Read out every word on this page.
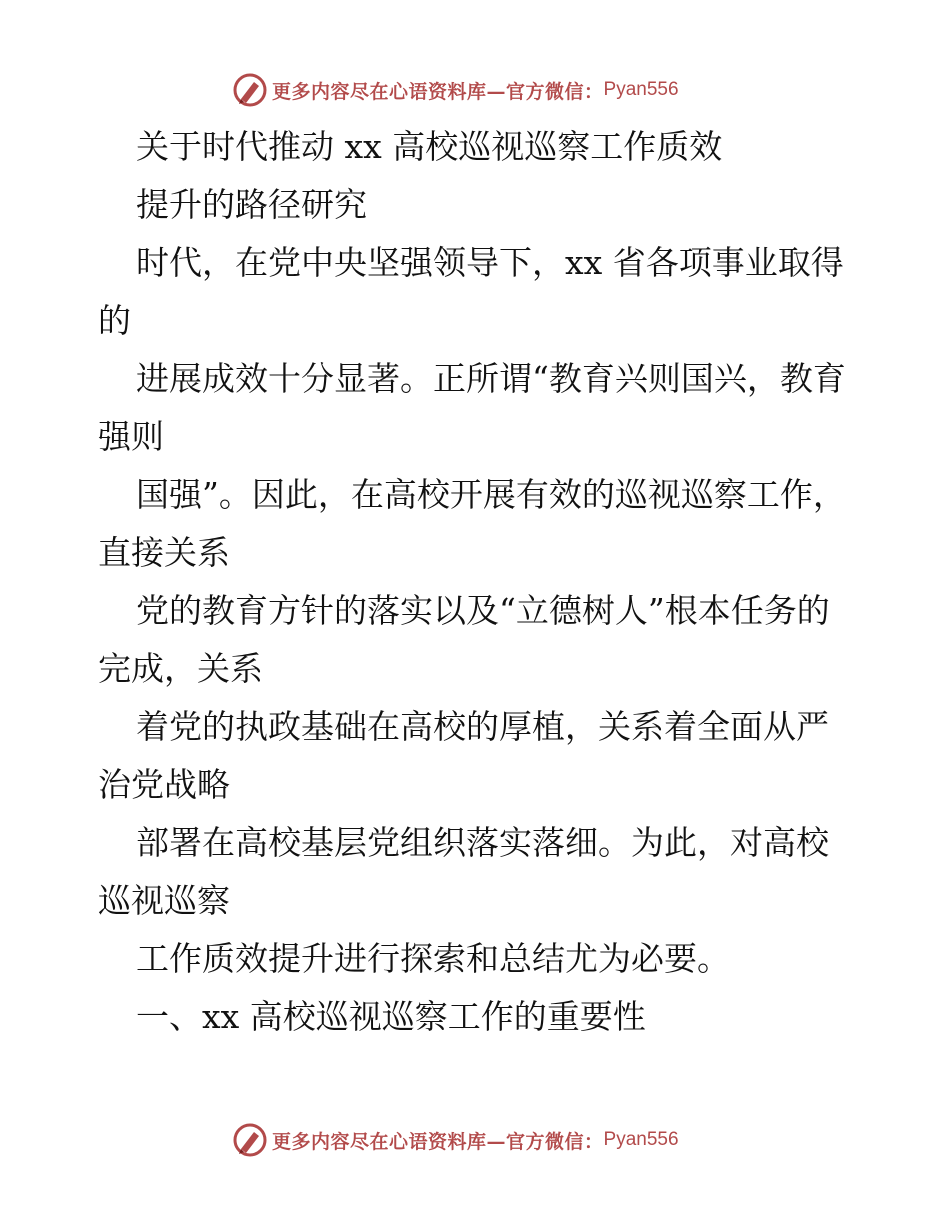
更多内容尽在心语资料库—官方微信： Pyan556

关于时代推动 xx 高校巡视巡察工作质效

提升的路径研究

时代，在党中央坚强领导下，xx 省各项事业取得的

进展成效十分显著。正所谓“教育兴则国兴，教育强则

国强”。因此，在高校开展有效的巡视巡察工作，直接关系

党的教育方针的落实以及“立德树人”根本任务的完成，关系

着党的执政基础在高校的厚植，关系着全面从严治党战略

部署在高校基层党组织落实落细。为此，对高校巡视巡察

工作质效提升进行探索和总结尤为必要。

一、xx 高校巡视巡察工作的重要性

更多内容尽在心语资料库—官方微信： Pyan556
